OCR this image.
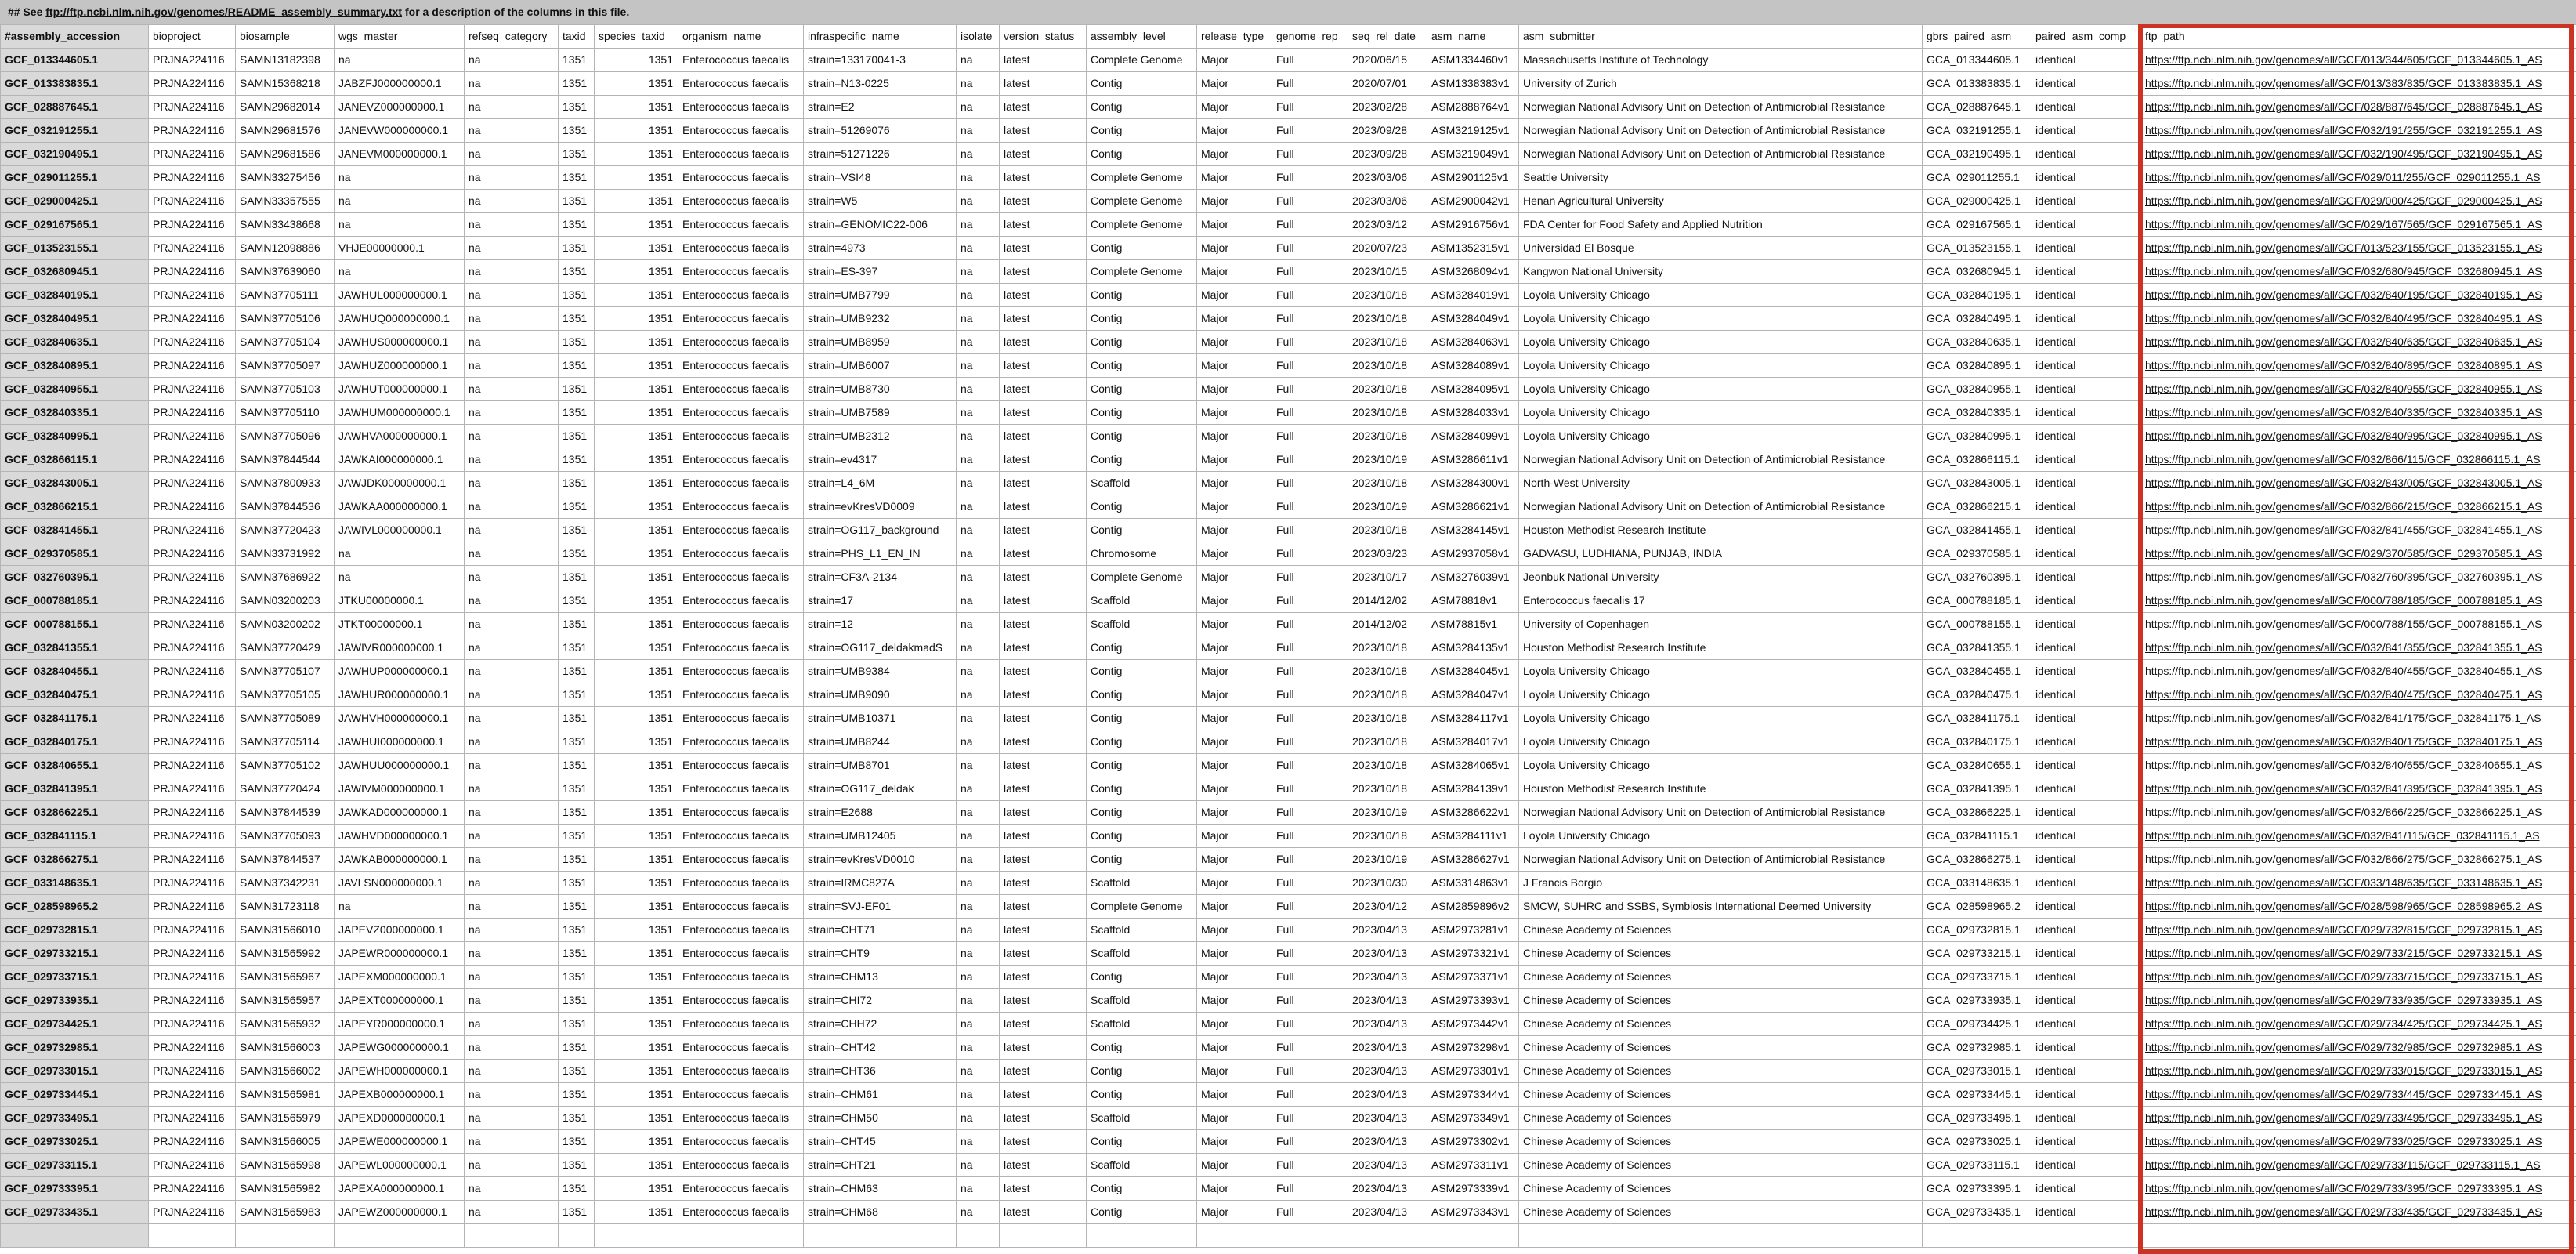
## See ftp://ftp.ncbi.nlm.nih.gov/genomes/README_assembly_summary.txt for a description of the columns in this file.
#assembly_accession	bioproject	biosample	wgs_master	refseq_category	taxid	species_taxid	organism_name	infraspecific_name	isolate	version_status	assembly_level	release_type	genome_rep	seq_rel_date	asm_name	asm_submitter	gbrs_paired_asm	paired_asm_comp	ftp_path
GCF_013344605.1	PRJNA224116	SAMN13182398	na	na	1351	1351	Enterococcus faecalis	strain=133170041-3	na	latest	Complete Genome	Major	Full	2020/06/15	ASM1334460v1	Massachusetts Institute of Technology	GCA_013344605.1	identical	https://ftp.ncbi.nlm.nih.gov/genomes/all/GCF/013/344/605/GCF_013344605.1_AS
GCF_013383835.1	PRJNA224116	SAMN15368218	JABZFJ000000000.1	na	1351	1351	Enterococcus faecalis	strain=N13-0225	na	latest	Contig	Major	Full	2020/07/01	ASM1338383v1	University of Zurich	GCA_013383835.1	identical	https://ftp.ncbi.nlm.nih.gov/genomes/all/GCF/013/383/835/GCF_013383835.1_AS
GCF_028887645.1	PRJNA224116	SAMN29682014	JANEVZ000000000.1	na	1351	1351	Enterococcus faecalis	strain=E2	na	latest	Contig	Major	Full	2023/02/28	ASM2888764v1	Norwegian National Advisory Unit on Detection of Antimicrobial Resistance	GCA_028887645.1	identical	https://ftp.ncbi.nlm.nih.gov/genomes/all/GCF/028/887/645/GCF_028887645.1_AS
GCF_032191255.1	PRJNA224116	SAMN29681576	JANEVW000000000.1	na	1351	1351	Enterococcus faecalis	strain=51269076	na	latest	Contig	Major	Full	2023/09/28	ASM3219125v1	Norwegian National Advisory Unit on Detection of Antimicrobial Resistance	GCA_032191255.1	identical	https://ftp.ncbi.nlm.nih.gov/genomes/all/GCF/032/191/255/GCF_032191255.1_AS
GCF_032190495.1	PRJNA224116	SAMN29681586	JANEVM000000000.1	na	1351	1351	Enterococcus faecalis	strain=51271226	na	latest	Contig	Major	Full	2023/09/28	ASM3219049v1	Norwegian National Advisory Unit on Detection of Antimicrobial Resistance	GCA_032190495.1	identical	https://ftp.ncbi.nlm.nih.gov/genomes/all/GCF/032/190/495/GCF_032190495.1_AS
GCF_029011255.1	PRJNA224116	SAMN33275456	na	na	1351	1351	Enterococcus faecalis	strain=VSI48	na	latest	Complete Genome	Major	Full	2023/03/06	ASM2901125v1	Seattle University	GCA_029011255.1	identical	https://ftp.ncbi.nlm.nih.gov/genomes/all/GCF/029/011/255/GCF_029011255.1_AS
GCF_029000425.1	PRJNA224116	SAMN33357555	na	na	1351	1351	Enterococcus faecalis	strain=W5	na	latest	Complete Genome	Major	Full	2023/03/06	ASM2900042v1	Henan Agricultural University	GCA_029000425.1	identical	https://ftp.ncbi.nlm.nih.gov/genomes/all/GCF/029/000/425/GCF_029000425.1_AS
GCF_029167565.1	PRJNA224116	SAMN33438668	na	na	1351	1351	Enterococcus faecalis	strain=GENOMIC22-006	na	latest	Complete Genome	Major	Full	2023/03/12	ASM2916756v1	FDA Center for Food Safety and Applied Nutrition	GCA_029167565.1	identical	https://ftp.ncbi.nlm.nih.gov/genomes/all/GCF/029/167/565/GCF_029167565.1_AS
GCF_013523155.1	PRJNA224116	SAMN12098886	VHJE00000000.1	na	1351	1351	Enterococcus faecalis	strain=4973	na	latest	Contig	Major	Full	2020/07/23	ASM1352315v1	Universidad El Bosque	GCA_013523155.1	identical	https://ftp.ncbi.nlm.nih.gov/genomes/all/GCF/013/523/155/GCF_013523155.1_AS
GCF_032680945.1	PRJNA224116	SAMN37639060	na	na	1351	1351	Enterococcus faecalis	strain=ES-397	na	latest	Complete Genome	Major	Full	2023/10/15	ASM3268094v1	Kangwon National University	GCA_032680945.1	identical	https://ftp.ncbi.nlm.nih.gov/genomes/all/GCF/032/680/945/GCF_032680945.1_AS
GCF_032840195.1	PRJNA224116	SAMN37705111	JAWHUL000000000.1	na	1351	1351	Enterococcus faecalis	strain=UMB7799	na	latest	Contig	Major	Full	2023/10/18	ASM3284019v1	Loyola University Chicago	GCA_032840195.1	identical	https://ftp.ncbi.nlm.nih.gov/genomes/all/GCF/032/840/195/GCF_032840195.1_AS
GCF_032840495.1	PRJNA224116	SAMN37705106	JAWHUQ000000000.1	na	1351	1351	Enterococcus faecalis	strain=UMB9232	na	latest	Contig	Major	Full	2023/10/18	ASM3284049v1	Loyola University Chicago	GCA_032840495.1	identical	https://ftp.ncbi.nlm.nih.gov/genomes/all/GCF/032/840/495/GCF_032840495.1_AS
GCF_032840635.1	PRJNA224116	SAMN37705104	JAWHUS000000000.1	na	1351	1351	Enterococcus faecalis	strain=UMB8959	na	latest	Contig	Major	Full	2023/10/18	ASM3284063v1	Loyola University Chicago	GCA_032840635.1	identical	https://ftp.ncbi.nlm.nih.gov/genomes/all/GCF/032/840/635/GCF_032840635.1_AS
GCF_032840895.1	PRJNA224116	SAMN37705097	JAWHUZ000000000.1	na	1351	1351	Enterococcus faecalis	strain=UMB6007	na	latest	Contig	Major	Full	2023/10/18	ASM3284089v1	Loyola University Chicago	GCA_032840895.1	identical	https://ftp.ncbi.nlm.nih.gov/genomes/all/GCF/032/840/895/GCF_032840895.1_AS
GCF_032840955.1	PRJNA224116	SAMN37705103	JAWHUT000000000.1	na	1351	1351	Enterococcus faecalis	strain=UMB8730	na	latest	Contig	Major	Full	2023/10/18	ASM3284095v1	Loyola University Chicago	GCA_032840955.1	identical	https://ftp.ncbi.nlm.nih.gov/genomes/all/GCF/032/840/955/GCF_032840955.1_AS
GCF_032840335.1	PRJNA224116	SAMN37705110	JAWHUM000000000.1	na	1351	1351	Enterococcus faecalis	strain=UMB7589	na	latest	Contig	Major	Full	2023/10/18	ASM3284033v1	Loyola University Chicago	GCA_032840335.1	identical	https://ftp.ncbi.nlm.nih.gov/genomes/all/GCF/032/840/335/GCF_032840335.1_AS
GCF_032840995.1	PRJNA224116	SAMN37705096	JAWHVA000000000.1	na	1351	1351	Enterococcus faecalis	strain=UMB2312	na	latest	Contig	Major	Full	2023/10/18	ASM3284099v1	Loyola University Chicago	GCA_032840995.1	identical	https://ftp.ncbi.nlm.nih.gov/genomes/all/GCF/032/840/995/GCF_032840995.1_AS
GCF_032866115.1	PRJNA224116	SAMN37844544	JAWKAI000000000.1	na	1351	1351	Enterococcus faecalis	strain=ev4317	na	latest	Contig	Major	Full	2023/10/19	ASM3286611v1	Norwegian National Advisory Unit on Detection of Antimicrobial Resistance	GCA_032866115.1	identical	https://ftp.ncbi.nlm.nih.gov/genomes/all/GCF/032/866/115/GCF_032866115.1_AS
GCF_032843005.1	PRJNA224116	SAMN37800933	JAWJDK000000000.1	na	1351	1351	Enterococcus faecalis	strain=L4_6M	na	latest	Scaffold	Major	Full	2023/10/18	ASM3284300v1	North-West University	GCA_032843005.1	identical	https://ftp.ncbi.nlm.nih.gov/genomes/all/GCF/032/843/005/GCF_032843005.1_AS
GCF_032866215.1	PRJNA224116	SAMN37844536	JAWKAA000000000.1	na	1351	1351	Enterococcus faecalis	strain=evKresVD0009	na	latest	Contig	Major	Full	2023/10/19	ASM3286621v1	Norwegian National Advisory Unit on Detection of Antimicrobial Resistance	GCA_032866215.1	identical	https://ftp.ncbi.nlm.nih.gov/genomes/all/GCF/032/866/215/GCF_032866215.1_AS
GCF_032841455.1	PRJNA224116	SAMN37720423	JAWIVL000000000.1	na	1351	1351	Enterococcus faecalis	strain=OG117_background	na	latest	Contig	Major	Full	2023/10/18	ASM3284145v1	Houston Methodist Research Institute	GCA_032841455.1	identical	https://ftp.ncbi.nlm.nih.gov/genomes/all/GCF/032/841/455/GCF_032841455.1_AS
GCF_029370585.1	PRJNA224116	SAMN33731992	na	na	1351	1351	Enterococcus faecalis	strain=PHS_L1_EN_IN	na	latest	Chromosome	Major	Full	2023/03/23	ASM2937058v1	GADVASU, LUDHIANA, PUNJAB, INDIA	GCA_029370585.1	identical	https://ftp.ncbi.nlm.nih.gov/genomes/all/GCF/029/370/585/GCF_029370585.1_AS
GCF_032760395.1	PRJNA224116	SAMN37686922	na	na	1351	1351	Enterococcus faecalis	strain=CF3A-2134	na	latest	Complete Genome	Major	Full	2023/10/17	ASM3276039v1	Jeonbuk National University	GCA_032760395.1	identical	https://ftp.ncbi.nlm.nih.gov/genomes/all/GCF/032/760/395/GCF_032760395.1_AS
GCF_000788185.1	PRJNA224116	SAMN03200203	JTKU00000000.1	na	1351	1351	Enterococcus faecalis	strain=17	na	latest	Scaffold	Major	Full	2014/12/02	ASM78818v1	Enterococcus faecalis 17	GCA_000788185.1	identical	https://ftp.ncbi.nlm.nih.gov/genomes/all/GCF/000/788/185/GCF_000788185.1_AS
GCF_000788155.1	PRJNA224116	SAMN03200202	JTKT00000000.1	na	1351	1351	Enterococcus faecalis	strain=12	na	latest	Scaffold	Major	Full	2014/12/02	ASM78815v1	University of Copenhagen	GCA_000788155.1	identical	https://ftp.ncbi.nlm.nih.gov/genomes/all/GCF/000/788/155/GCF_000788155.1_AS
GCF_032841355.1	PRJNA224116	SAMN37720429	JAWIVR000000000.1	na	1351	1351	Enterococcus faecalis	strain=OG117_deldakmadS	na	latest	Contig	Major	Full	2023/10/18	ASM3284135v1	Houston Methodist Research Institute	GCA_032841355.1	identical	https://ftp.ncbi.nlm.nih.gov/genomes/all/GCF/032/841/355/GCF_032841355.1_AS
GCF_032840455.1	PRJNA224116	SAMN37705107	JAWHUP000000000.1	na	1351	1351	Enterococcus faecalis	strain=UMB9384	na	latest	Contig	Major	Full	2023/10/18	ASM3284045v1	Loyola University Chicago	GCA_032840455.1	identical	https://ftp.ncbi.nlm.nih.gov/genomes/all/GCF/032/840/455/GCF_032840455.1_AS
GCF_032840475.1	PRJNA224116	SAMN37705105	JAWHUR000000000.1	na	1351	1351	Enterococcus faecalis	strain=UMB9090	na	latest	Contig	Major	Full	2023/10/18	ASM3284047v1	Loyola University Chicago	GCA_032840475.1	identical	https://ftp.ncbi.nlm.nih.gov/genomes/all/GCF/032/840/475/GCF_032840475.1_AS
GCF_032841175.1	PRJNA224116	SAMN37705089	JAWHVH000000000.1	na	1351	1351	Enterococcus faecalis	strain=UMB10371	na	latest	Contig	Major	Full	2023/10/18	ASM3284117v1	Loyola University Chicago	GCA_032841175.1	identical	https://ftp.ncbi.nlm.nih.gov/genomes/all/GCF/032/841/175/GCF_032841175.1_AS
GCF_032840175.1	PRJNA224116	SAMN37705114	JAWHUI000000000.1	na	1351	1351	Enterococcus faecalis	strain=UMB8244	na	latest	Contig	Major	Full	2023/10/18	ASM3284017v1	Loyola University Chicago	GCA_032840175.1	identical	https://ftp.ncbi.nlm.nih.gov/genomes/all/GCF/032/840/175/GCF_032840175.1_AS
GCF_032840655.1	PRJNA224116	SAMN37705102	JAWHUU000000000.1	na	1351	1351	Enterococcus faecalis	strain=UMB8701	na	latest	Contig	Major	Full	2023/10/18	ASM3284065v1	Loyola University Chicago	GCA_032840655.1	identical	https://ftp.ncbi.nlm.nih.gov/genomes/all/GCF/032/840/655/GCF_032840655.1_AS
GCF_032841395.1	PRJNA224116	SAMN37720424	JAWIVM000000000.1	na	1351	1351	Enterococcus faecalis	strain=OG117_deldak	na	latest	Contig	Major	Full	2023/10/18	ASM3284139v1	Houston Methodist Research Institute	GCA_032841395.1	identical	https://ftp.ncbi.nlm.nih.gov/genomes/all/GCF/032/841/395/GCF_032841395.1_AS
GCF_032866225.1	PRJNA224116	SAMN37844539	JAWKAD000000000.1	na	1351	1351	Enterococcus faecalis	strain=E2688	na	latest	Contig	Major	Full	2023/10/19	ASM3286622v1	Norwegian National Advisory Unit on Detection of Antimicrobial Resistance	GCA_032866225.1	identical	https://ftp.ncbi.nlm.nih.gov/genomes/all/GCF/032/866/225/GCF_032866225.1_AS
GCF_032841115.1	PRJNA224116	SAMN37705093	JAWHVD000000000.1	na	1351	1351	Enterococcus faecalis	strain=UMB12405	na	latest	Contig	Major	Full	2023/10/18	ASM3284111v1	Loyola University Chicago	GCA_032841115.1	identical	https://ftp.ncbi.nlm.nih.gov/genomes/all/GCF/032/841/115/GCF_032841115.1_AS
GCF_032866275.1	PRJNA224116	SAMN37844537	JAWKAB000000000.1	na	1351	1351	Enterococcus faecalis	strain=evKresVD0010	na	latest	Contig	Major	Full	2023/10/19	ASM3286627v1	Norwegian National Advisory Unit on Detection of Antimicrobial Resistance	GCA_032866275.1	identical	https://ftp.ncbi.nlm.nih.gov/genomes/all/GCF/032/866/275/GCF_032866275.1_AS
GCF_033148635.1	PRJNA224116	SAMN37342231	JAVLSN000000000.1	na	1351	1351	Enterococcus faecalis	strain=IRMC827A	na	latest	Scaffold	Major	Full	2023/10/30	ASM3314863v1	J Francis Borgio	GCA_033148635.1	identical	https://ftp.ncbi.nlm.nih.gov/genomes/all/GCF/033/148/635/GCF_033148635.1_AS
GCF_028598965.2	PRJNA224116	SAMN31723118	na	na	1351	1351	Enterococcus faecalis	strain=SVJ-EF01	na	latest	Complete Genome	Major	Full	2023/04/12	ASM2859896v2	SMCW, SUHRC and SSBS, Symbiosis International Deemed University	GCA_028598965.2	identical	https://ftp.ncbi.nlm.nih.gov/genomes/all/GCF/028/598/965/GCF_028598965.2_AS
GCF_029732815.1	PRJNA224116	SAMN31566010	JAPEVZ000000000.1	na	1351	1351	Enterococcus faecalis	strain=CHT71	na	latest	Scaffold	Major	Full	2023/04/13	ASM2973281v1	Chinese Academy of Sciences	GCA_029732815.1	identical	https://ftp.ncbi.nlm.nih.gov/genomes/all/GCF/029/732/815/GCF_029732815.1_AS
GCF_029733215.1	PRJNA224116	SAMN31565992	JAPEWR000000000.1	na	1351	1351	Enterococcus faecalis	strain=CHT9	na	latest	Scaffold	Major	Full	2023/04/13	ASM2973321v1	Chinese Academy of Sciences	GCA_029733215.1	identical	https://ftp.ncbi.nlm.nih.gov/genomes/all/GCF/029/733/215/GCF_029733215.1_AS
GCF_029733715.1	PRJNA224116	SAMN31565967	JAPEXM000000000.1	na	1351	1351	Enterococcus faecalis	strain=CHM13	na	latest	Contig	Major	Full	2023/04/13	ASM2973371v1	Chinese Academy of Sciences	GCA_029733715.1	identical	https://ftp.ncbi.nlm.nih.gov/genomes/all/GCF/029/733/715/GCF_029733715.1_AS
GCF_029733935.1	PRJNA224116	SAMN31565957	JAPEXT000000000.1	na	1351	1351	Enterococcus faecalis	strain=CHI72	na	latest	Scaffold	Major	Full	2023/04/13	ASM2973393v1	Chinese Academy of Sciences	GCA_029733935.1	identical	https://ftp.ncbi.nlm.nih.gov/genomes/all/GCF/029/733/935/GCF_029733935.1_AS
GCF_029734425.1	PRJNA224116	SAMN31565932	JAPEYR000000000.1	na	1351	1351	Enterococcus faecalis	strain=CHH72	na	latest	Scaffold	Major	Full	2023/04/13	ASM2973442v1	Chinese Academy of Sciences	GCA_029734425.1	identical	https://ftp.ncbi.nlm.nih.gov/genomes/all/GCF/029/734/425/GCF_029734425.1_AS
GCF_029732985.1	PRJNA224116	SAMN31566003	JAPEWG000000000.1	na	1351	1351	Enterococcus faecalis	strain=CHT42	na	latest	Contig	Major	Full	2023/04/13	ASM2973298v1	Chinese Academy of Sciences	GCA_029732985.1	identical	https://ftp.ncbi.nlm.nih.gov/genomes/all/GCF/029/732/985/GCF_029732985.1_AS
GCF_029733015.1	PRJNA224116	SAMN31566002	JAPEWH000000000.1	na	1351	1351	Enterococcus faecalis	strain=CHT36	na	latest	Contig	Major	Full	2023/04/13	ASM2973301v1	Chinese Academy of Sciences	GCA_029733015.1	identical	https://ftp.ncbi.nlm.nih.gov/genomes/all/GCF/029/733/015/GCF_029733015.1_AS
GCF_029733445.1	PRJNA224116	SAMN31565981	JAPEXB000000000.1	na	1351	1351	Enterococcus faecalis	strain=CHM61	na	latest	Contig	Major	Full	2023/04/13	ASM2973344v1	Chinese Academy of Sciences	GCA_029733445.1	identical	https://ftp.ncbi.nlm.nih.gov/genomes/all/GCF/029/733/445/GCF_029733445.1_AS
GCF_029733495.1	PRJNA224116	SAMN31565979	JAPEXD000000000.1	na	1351	1351	Enterococcus faecalis	strain=CHM50	na	latest	Scaffold	Major	Full	2023/04/13	ASM2973349v1	Chinese Academy of Sciences	GCA_029733495.1	identical	https://ftp.ncbi.nlm.nih.gov/genomes/all/GCF/029/733/495/GCF_029733495.1_AS
GCF_029733025.1	PRJNA224116	SAMN31566005	JAPEWE000000000.1	na	1351	1351	Enterococcus faecalis	strain=CHT45	na	latest	Contig	Major	Full	2023/04/13	ASM2973302v1	Chinese Academy of Sciences	GCA_029733025.1	identical	https://ftp.ncbi.nlm.nih.gov/genomes/all/GCF/029/733/025/GCF_029733025.1_AS
GCF_029733115.1	PRJNA224116	SAMN31565998	JAPEWL000000000.1	na	1351	1351	Enterococcus faecalis	strain=CHT21	na	latest	Scaffold	Major	Full	2023/04/13	ASM2973311v1	Chinese Academy of Sciences	GCA_029733115.1	identical	https://ftp.ncbi.nlm.nih.gov/genomes/all/GCF/029/733/115/GCF_029733115.1_AS
GCF_029733395.1	PRJNA224116	SAMN31565982	JAPEXA000000000.1	na	1351	1351	Enterococcus faecalis	strain=CHM63	na	latest	Contig	Major	Full	2023/04/13	ASM2973339v1	Chinese Academy of Sciences	GCA_029733395.1	identical	https://ftp.ncbi.nlm.nih.gov/genomes/all/GCF/029/733/395/GCF_029733395.1_AS
GCF_029733435.1	PRJNA224116	SAMN31565983	JAPEWZ000000000.1	na	1351	1351	Enterococcus faecalis	strain=CHM68	na	latest	Contig	Major	Full	2023/04/13	ASM2973343v1	Chinese Academy of Sciences	GCA_029733435.1	identical	https://ftp.ncbi.nlm.nih.gov/genomes/all/GCF/029/733/435/GCF_029733435.1_AS
